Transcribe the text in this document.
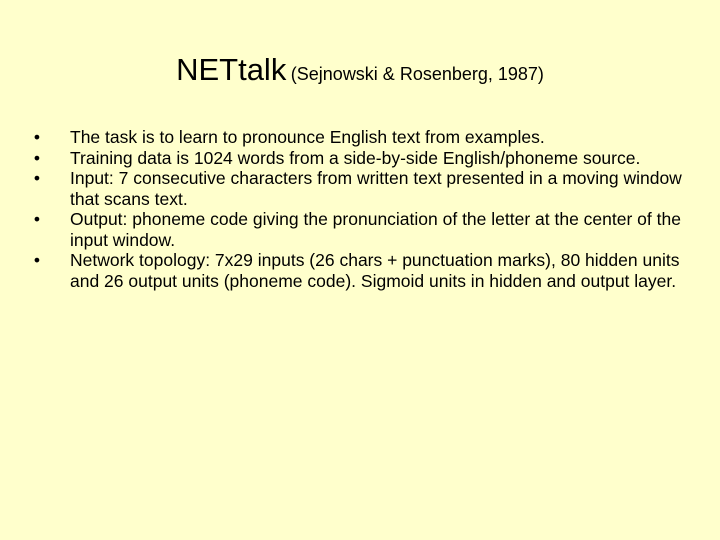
NETtalk (Sejnowski & Rosenberg, 1987)
• The task is to learn to pronounce English text from examples.
• Training data is 1024 words from a side-by-side English/phoneme source.
• Input: 7 consecutive characters from written text presented in a moving window that scans text.
• Output: phoneme code giving the pronunciation of the letter at the center of the input window.
• Network topology: 7x29 inputs (26 chars + punctuation marks), 80 hidden units and 26 output units (phoneme code). Sigmoid units in hidden and output layer.
